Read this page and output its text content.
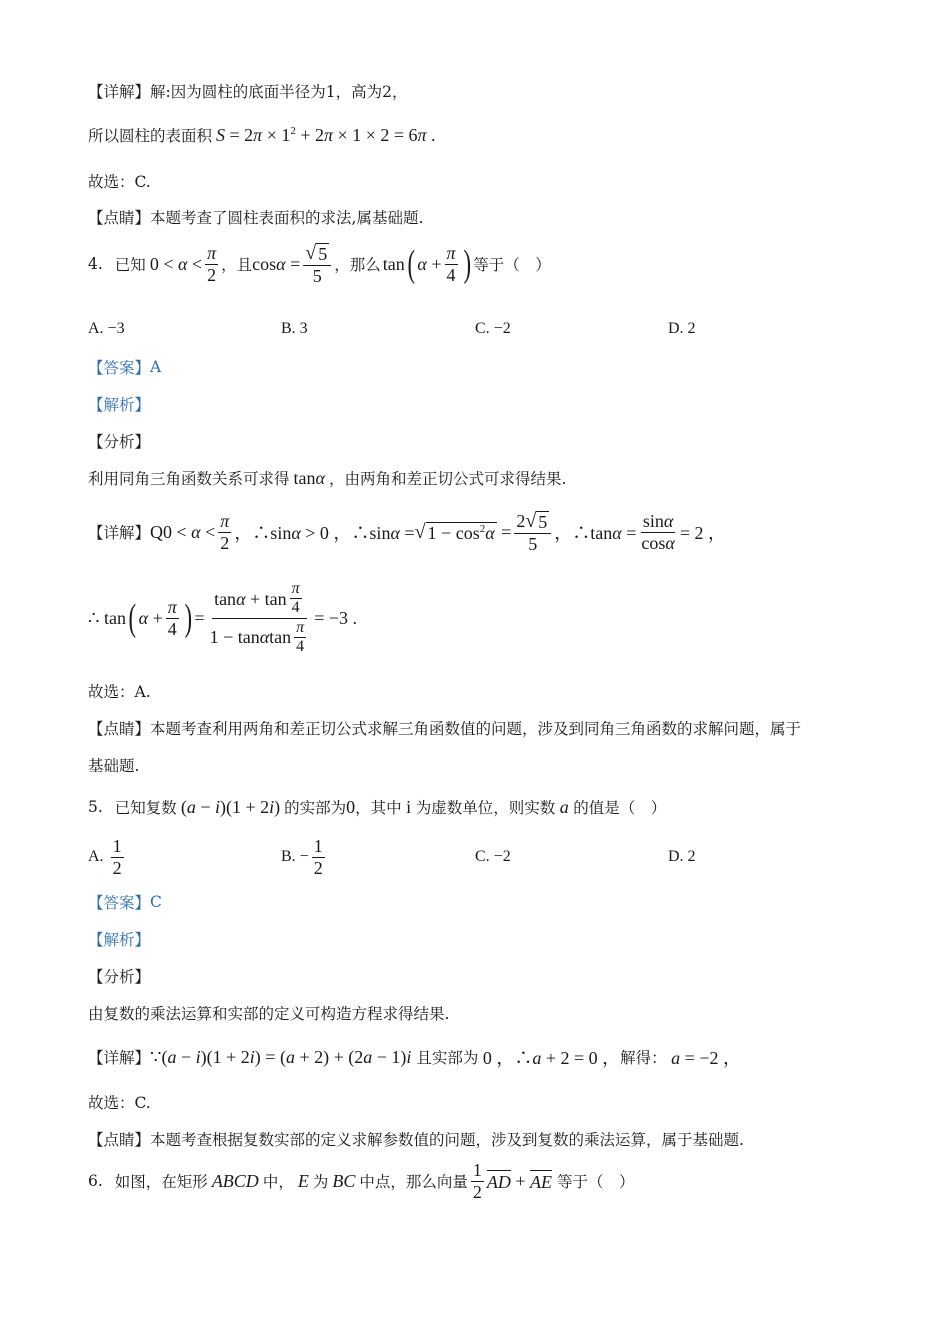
【详解】 解:因为圆柱的底面半径为1，高为2，
所以圆柱的表面积 $S = 2\pi \times 1^2 + 2\pi \times 1 \times 2 = 6\pi$ .
故选：C.
【点睛】 本题考查了圆柱表面积的求法,属基础题.
4. 已知 $0 < \alpha < \frac{\pi}{2}$ ，且 $\cos\alpha = \frac{√ 5}{5}$ ，那么 tan ( $\alpha + \frac{\pi}{4}$ ) 等于（　）
A. −3	B. 3	C. −2	D. 2
【答案】 A
【解析】
【分析】
利用同角三角函数关系可求得 tanα ，由两角和差正切公式可求得结果.
【详解】 $Q0 < \alpha < \frac{\pi}{2}$ ，∴sinα > 0 ，∴sinα = √ $1 - \cos^2\alpha = \frac{2 √ 5}{5}$ ，∴tanα = $\frac{\sin\alpha}{\cos\alpha} = 2$ ，
∴ tan ( $\alpha + \frac{\pi}{4}$ ) = $\frac{\tan \alpha + \tan \frac{\pi}{4}}{1 - \tan \alpha \tan \frac{\pi}{4}} = -3$ .
故选：A.
【点睛】 本题考查利用两角和差正切公式求解三角函数值的问题，涉及到同角三角函数的求解问题，属于
基础题.
5. 已知复数 (a − i)(1 + 2i) 的实部为 0 ，其中 i 为虚数单位，则实数 a 的值是（　）
A. $\frac{1}{2}$	B. − $\frac{1}{2}$	C. −2	D. 2
【答案】 C
【解析】
【分析】
由复数的乘法运算和实部的定义可构造方程求得结果.
【详解】 ∵(a − i)(1 + 2i) = (a + 2) + (2a − 1)i 且实部为 0 ，∴a + 2 = 0 ， 解得： a = −2 ，
故选：C.
【点睛】 本题考查根据复数实部的定义求解参数值的问题，涉及到复数的乘法运算，属于基础题.
6. 如图，在矩形 ABCD 中， E 为 BC 中点，那么向量 $\frac{1}{2}$ AD + AE 等于（　）
